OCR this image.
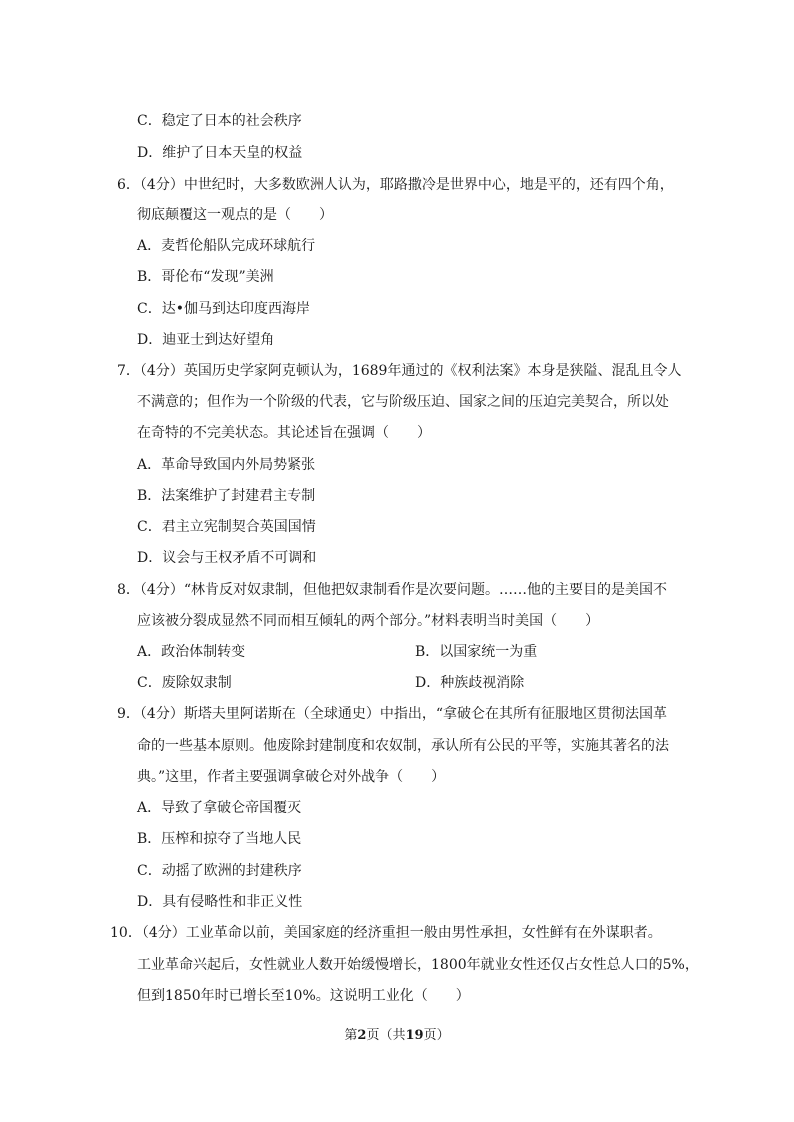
C．稳定了日本的社会秩序
D．维护了日本天皇的权益
6．（4分）中世纪时，大多数欧洲人认为，耶路撒冷是世界中心，地是平的，还有四个角，
彻底颠覆这一观点的是（　　）
A．麦哲伦船队完成环球航行
B．哥伦布“发现”美洲
C．达•伽马到达印度西海岸
D．迪亚士到达好望角
7．（4分）英国历史学家阿克顿认为，1689年通过的《权利法案》本身是狭隘、混乱且令人
不满意的；但作为一个阶级的代表，它与阶级压迫、国家之间的压迫完美契合，所以处
在奇特的不完美状态。其论述旨在强调（　　）
A．革命导致国内外局势紧张
B．法案维护了封建君主专制
C．君主立宪制契合英国国情
D．议会与王权矛盾不可调和
8．（4分）“林肯反对奴隶制，但他把奴隶制看作是次要问题。……他的主要目的是美国不
应该被分裂成显然不同而相互倾轧的两个部分。”材料表明当时美国（　　）
A．政治体制转变	B．以国家统一为重
C．废除奴隶制	D．种族歧视消除
9．（4分）斯塔夫里阿诺斯在（全球通史）中指出，“拿破仑在其所有征服地区贯彻法国革
命的一些基本原则。他废除封建制度和农奴制，承认所有公民的平等，实施其著名的法
典。”这里，作者主要强调拿破仑对外战争（　　）
A．导致了拿破仑帝国覆灭
B．压榨和掠夺了当地人民
C．动摇了欧洲的封建秩序
D．具有侵略性和非正义性
10．（4分）工业革命以前，美国家庭的经济重担一般由男性承担，女性鲜有在外谋职者。
工业革命兴起后，女性就业人数开始缓慢增长，1800年就业女性还仅占女性总人口的5%，
但到1850年时已增长至10%。这说明工业化（　　）
第2页（共19页）
